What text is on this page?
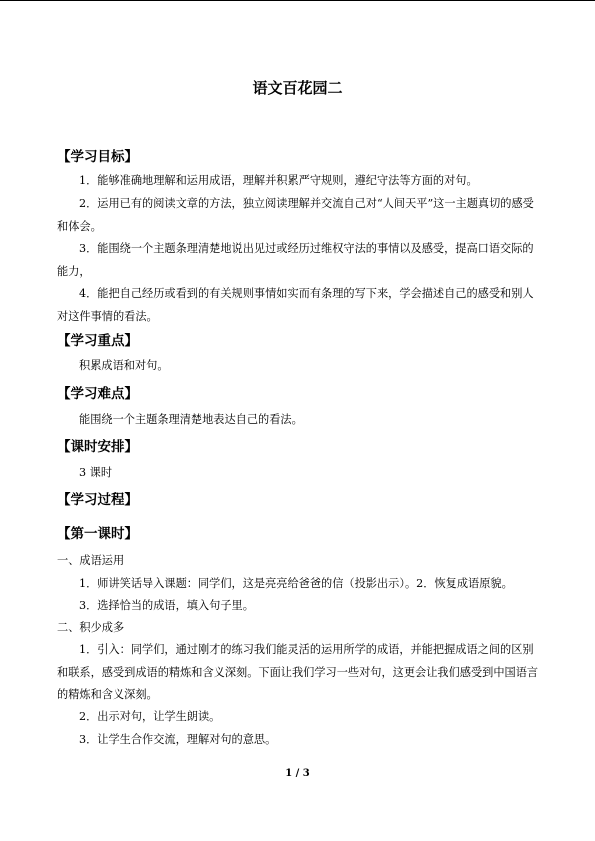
语文百花园二
【学习目标】
1．能够准确地理解和运用成语，理解并积累严守规则，遵纪守法等方面的对句。
2．运用已有的阅读文章的方法，独立阅读理解并交流自己对“人间天平”这一主题真切的感受和体会。
3．能围绕一个主题条理清楚地说出见过或经历过维权守法的事情以及感受，提高口语交际的能力，
4．能把自己经历或看到的有关规则事情如实而有条理的写下来，学会描述自己的感受和别人对这件事情的看法。
【学习重点】
积累成语和对句。
【学习难点】
能围绕一个主题条理清楚地表达自己的看法。
【课时安排】
3 课时
【学习过程】
【第一课时】
一、成语运用
1．师讲笑话导入课题：同学们，这是亮亮给爸爸的信（投影出示）。2．恢复成语原貌。
3．选择恰当的成语，填入句子里。
二、积少成多
1．引入：同学们，通过刚才的练习我们能灵活的运用所学的成语，并能把握成语之间的区别和联系，感受到成语的精炼和含义深刻。下面让我们学习一些对句，这更会让我们感受到中国语言的精炼和含义深刻。
2．出示对句，让学生朗读。
3．让学生合作交流，理解对句的意思。
1 / 3
